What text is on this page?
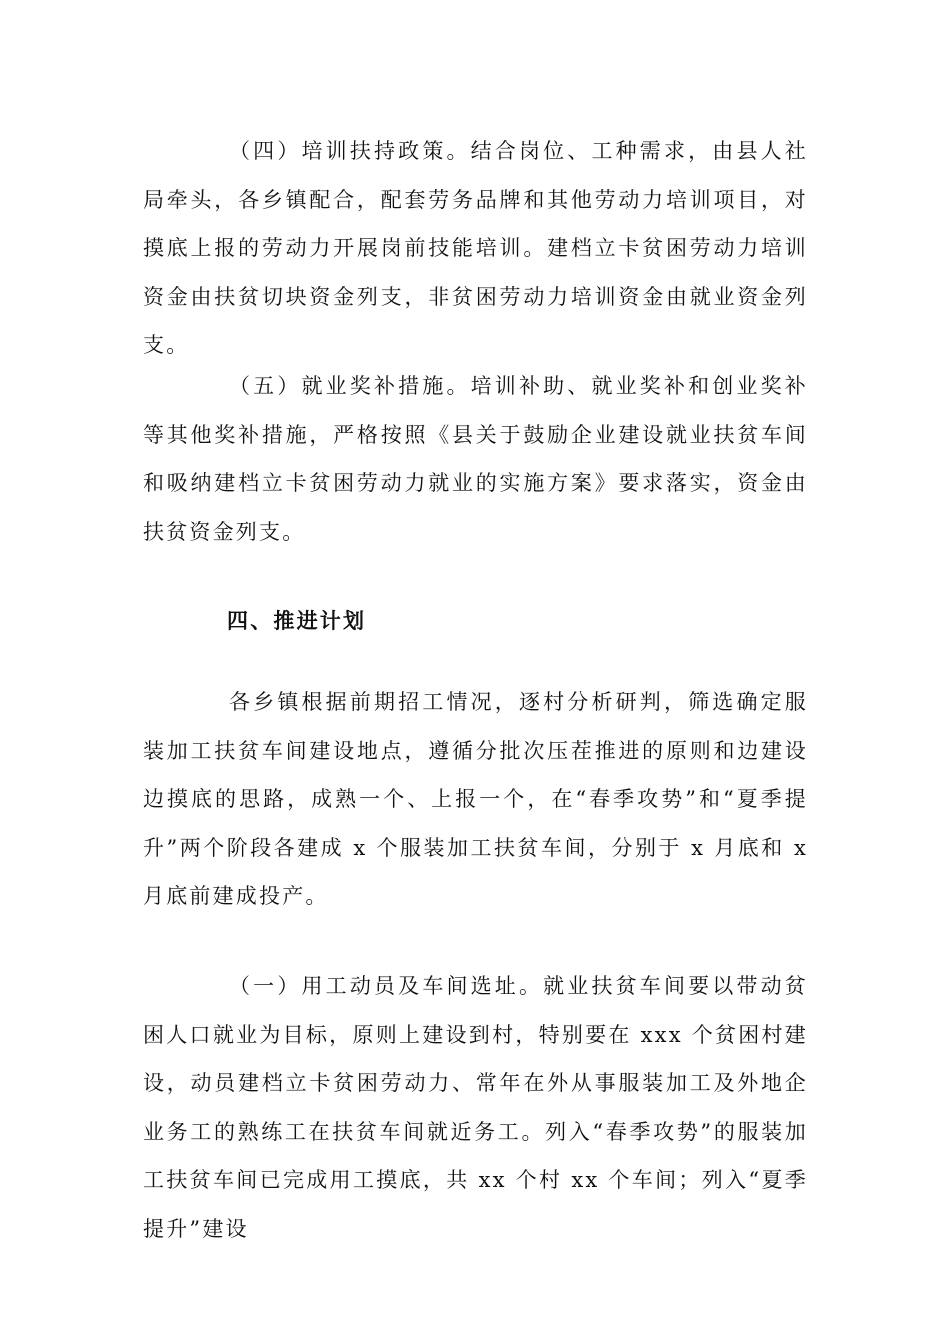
（四）培训扶持政策。结合岗位、工种需求，由县人社局牵头，各乡镇配合，配套劳务品牌和其他劳动力培训项目，对摸底上报的劳动力开展岗前技能培训。建档立卡贫困劳动力培训资金由扶贫切块资金列支，非贫困劳动力培训资金由就业资金列支。

（五）就业奖补措施。培训补助、就业奖补和创业奖补等其他奖补措施，严格按照《县关于鼓励企业建设就业扶贫车间和吸纳建档立卡贫困劳动力就业的实施方案》要求落实，资金由扶贫资金列支。

四、推进计划

各乡镇根据前期招工情况，逐村分析研判，筛选确定服装加工扶贫车间建设地点，遵循分批次压茬推进的原则和边建设边摸底的思路，成熟一个、上报一个，在“春季攻势”和“夏季提升”两个阶段各建成 x 个服装加工扶贫车间，分别于 x 月底和 x 月底前建成投产。

（一）用工动员及车间选址。就业扶贫车间要以带动贫困人口就业为目标，原则上建设到村，特别要在 xxx 个贫困村建设，动员建档立卡贫困劳动力、常年在外从事服装加工及外地企业务工的熟练工在扶贫车间就近务工。列入“春季攻势”的服装加工扶贫车间已完成用工摸底，共 xx 个村 xx 个车间；列入“夏季提升”建设
